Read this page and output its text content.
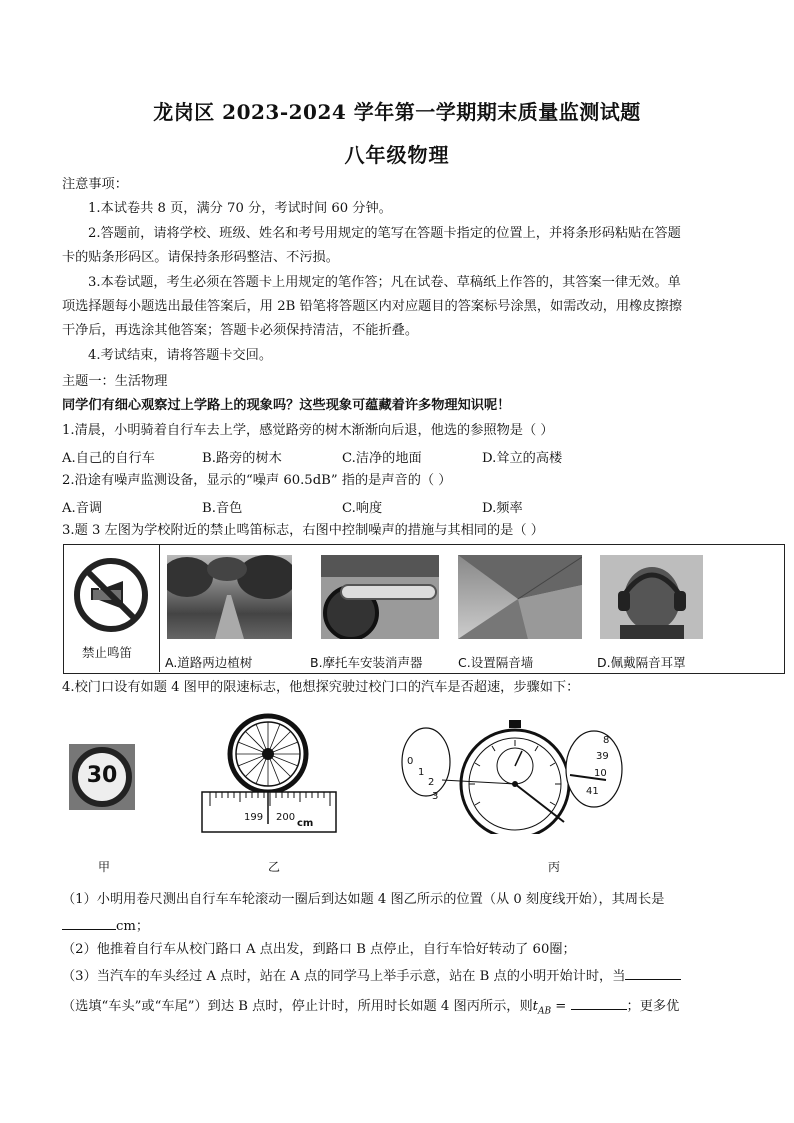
龙岗区 2023-2024 学年第一学期期末质量监测试题
八年级物理
注意事项：
1.本试卷共 8 页，满分 70 分，考试时间 60 分钟。
2.答题前，请将学校、班级、姓名和考号用规定的笔写在答题卡指定的位置上，并将条形码粘贴在答题
卡的贴条形码区。请保持条形码整洁、不污损。
3.本卷试题，考生必须在答题卡上用规定的笔作答；凡在试卷、草稿纸上作答的，其答案一律无效。单
项选择题每小题选出最佳答案后，用 2B 铅笔将答题区内对应题目的答案标号涂黑，如需改动，用橡皮擦擦
干净后，再选涂其他答案；答题卡必须保持清洁，不能折叠。
4.考试结束，请将答题卡交回。
主题一：生活物理
同学们有细心观察过上学路上的现象吗？这些现象可蕴藏着许多物理知识呢！
1.清晨，小明骑着自行车去上学，感觉路旁的树木渐渐向后退，他选的参照物是（ ）
A.自己的自行车	B.路旁的树木	C.洁净的地面	D.耸立的高楼
2.沿途有噪声监测设备，显示的“噪声 60.5dB” 指的是声音的（ ）
A.音调	B.音色	C.响度	D.频率
3.题 3 左图为学校附近的禁止鸣笛标志，右图中控制噪声的措施与其相同的是（ ）
禁止鸣笛
A.道路两边植树	B.摩托车安装消声器	C.设置隔音墙	D.佩戴隔音耳罩
4.校门口设有如题 4 图甲的限速标志，他想探究驶过校门口的汽车是否超速，步骤如下：
30
199 200
cm
0
1
2
3
8
39
10
41
甲	乙	丙
（1）小明用卷尺测出自行车车轮滚动一圈后到达如题 4 图乙所示的位置（从 0 刻度线开始），其周长是
cm；
（2）他推着自行车从校门路口 A 点出发，到路口 B 点停止，自行车恰好转动了 60圈；
（3）当汽车的车头经过 A 点时，站在 A 点的同学马上举手示意，站在 B 点的小明开始计时，当
（选填“车头”或“车尾”）到达 B 点时，停止计时，所用时长如题 4 图丙所示，则$t_{AB}$ =	；更多优
